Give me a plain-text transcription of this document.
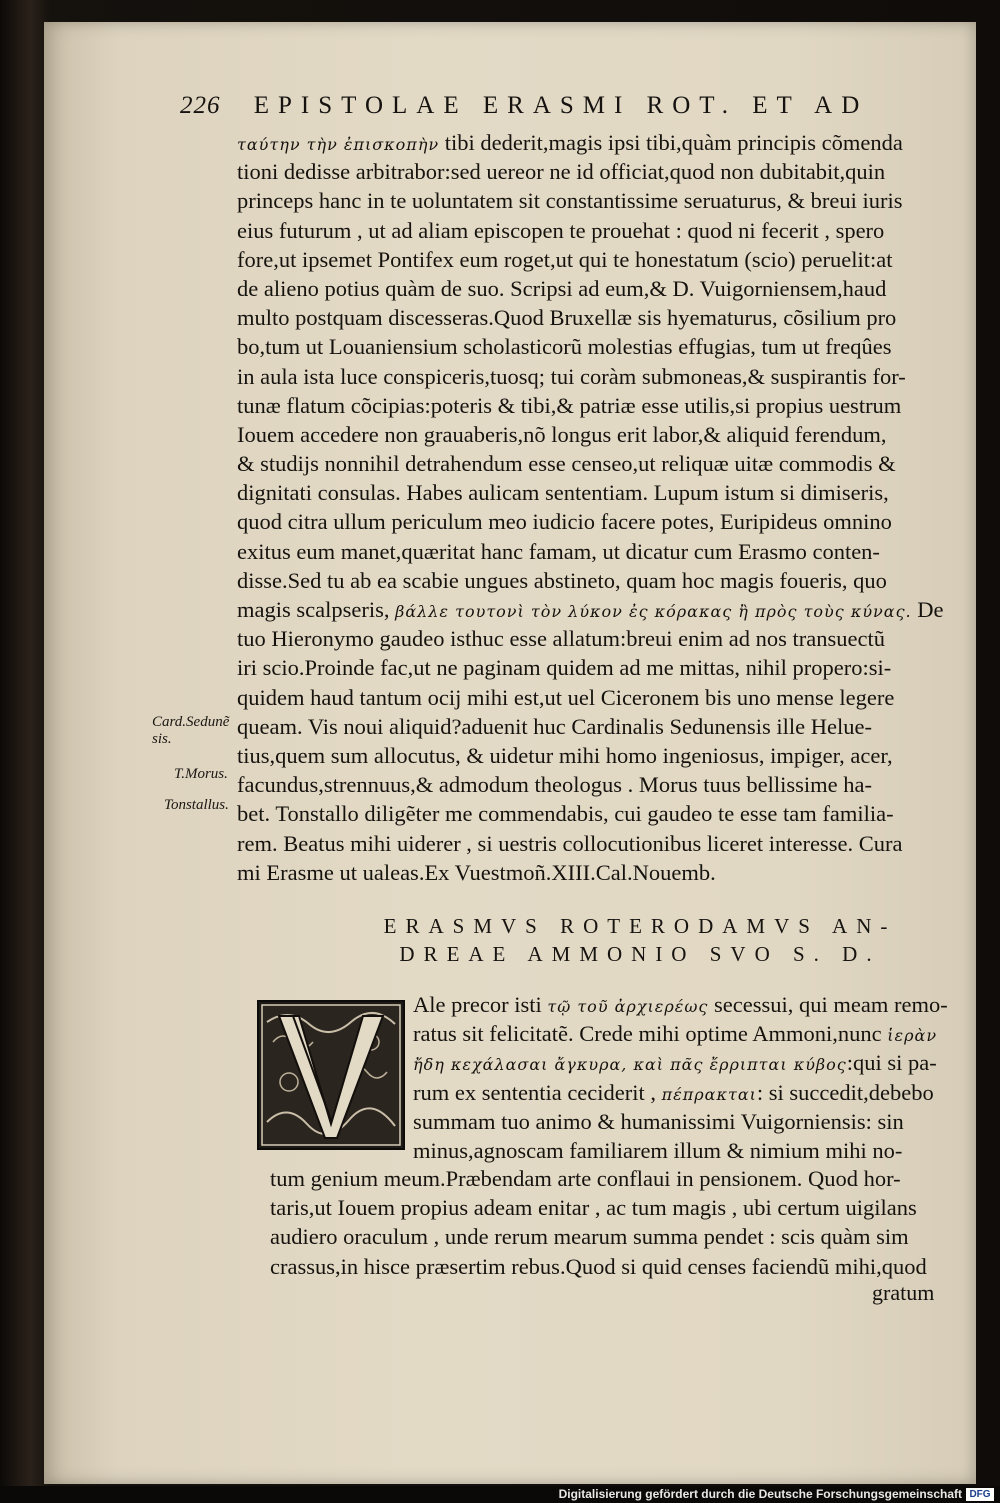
226 EPISTOLAE ERASMI ROT. ET AD
ταύτην τὴν ἐπισκοπὴν tibi dederit,magis ipsi tibi,quàm principis cõmenda
tioni dedisse arbitrabor:sed uereor ne id officiat,quod non dubitabit,quin
princeps hanc in te uoluntatem sit constantissime seruaturus, & breui iuris
eius futurum , ut ad aliam episcopen te prouehat : quod ni fecerit , spero
fore,ut ipsemet Pontifex eum roget,ut qui te honestatum (scio) peruelit:at
de alieno potius quàm de suo. Scripsi ad eum,& D. Vuigorniensem,haud
multo postquam discesseras.Quod Bruxellæ sis hyematurus, cõsilium pro
bo,tum ut Louaniensium scholasticorũ molestias effugias, tum ut freqûes
in aula ista luce conspiceris,tuosq; tui coràm submoneas,& suspirantis for-
tunæ flatum cõcipias:poteris & tibi,& patriæ esse utilis,si propius uestrum
Iouem accedere non grauaberis,nõ longus erit labor,& aliquid ferendum,
& studijs nonnihil detrahendum esse censeo,ut reliquæ uitæ commodis &
dignitati consulas. Habes aulicam sententiam. Lupum istum si dimiseris,
quod citra ullum periculum meo iudicio facere potes, Euripideus omnino
exitus eum manet,quæritat hanc famam, ut dicatur cum Erasmo conten-
disse.Sed tu ab ea scabie ungues abstineto, quam hoc magis foueris, quo
magis scalpseris, βάλλε τουτονὶ τὸν λύκον ἐς κόρακας ἢ πρὸς τοὺς κύνας. De
tuo Hieronymo gaudeo isthuc esse allatum:breui enim ad nos transuectũ
iri scio.Proinde fac,ut ne paginam quidem ad me mittas, nihil propero:si-
quidem haud tantum ocij mihi est,ut uel Ciceronem bis uno mense legere
queam. Vis noui aliquid?aduenit huc Cardinalis Sedunensis ille Helue-
tius,quem sum allocutus, & uidetur mihi homo ingeniosus, impiger, acer,
facundus,strennuus,& admodum theologus . Morus tuus bellissime ha-
bet. Tonstallo diligẽter me commendabis, cui gaudeo te esse tam familia-
rem. Beatus mihi uiderer , si uestris collocutionibus liceret interesse. Cura
mi Erasme ut ualeas.Ex Vuestmoñ.XIII.Cal.Nouemb.
Card.Sedunẽ
sis.
T.Morus.
Tonstallus.
ERASMVS ROTERODAMVS AN-
DREAE AMMONIO SVO S. D.
Ale precor isti τῷ τοῦ ἀρχιερέως secessui, qui meam remo-
ratus sit felicitatẽ. Crede mihi optime Ammoni,nunc ἱερὰν
ἤδη κεχάλασαι ἄγκυρα, καὶ πᾶς ἔρριπται κύβος:qui si pa-
rum ex sententia ceciderit , πέπρακται: si succedit,debebo
summam tuo animo & humanissimi Vuigorniensis: sin
minus,agnoscam familiarem illum & nimium mihi no-
tum genium meum.Præbendam arte conflaui in pensionem. Quod hor-
taris,ut Iouem propius adeam enitar , ac tum magis , ubi certum uigilans
audiero oraculum , unde rerum mearum summa pendet : scis quàm sim
crassus,in hisce præsertim rebus.Quod si quid censes faciendũ mihi,quod
gratum
Digitalisierung gefördert durch die Deutsche Forschungsgemeinschaft DFG
